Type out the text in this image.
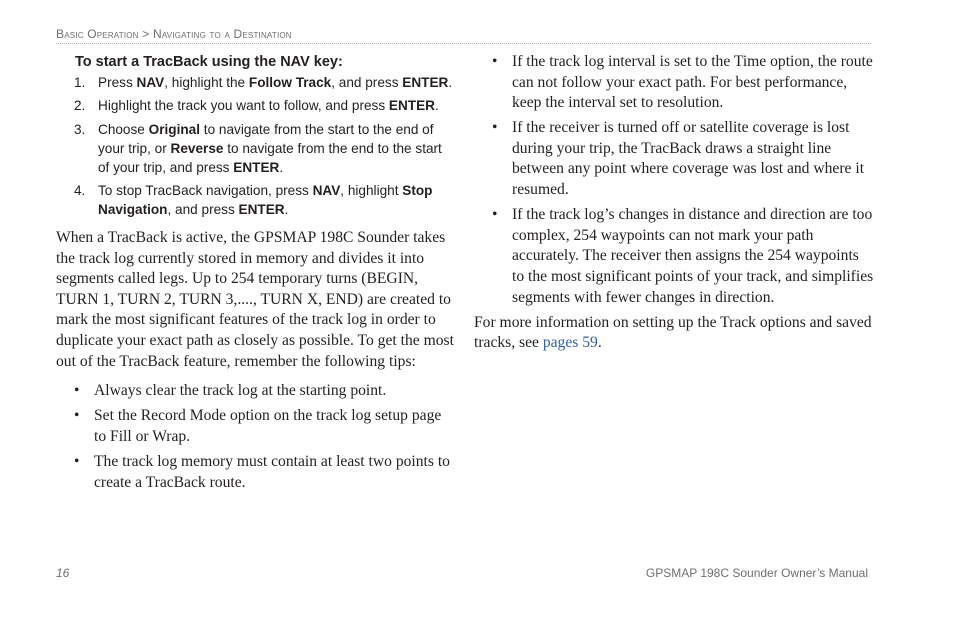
Basic Operation > Navigating to a Destination
To start a TracBack using the NAV key:
1. Press NAV, highlight the Follow Track, and press ENTER.
2. Highlight the track you want to follow, and press ENTER.
3. Choose Original to navigate from the start to the end of your trip, or Reverse to navigate from the end to the start of your trip, and press ENTER.
4. To stop TracBack navigation, press NAV, highlight Stop Navigation, and press ENTER.

When a TracBack is active, the GPSMAP 198C Sounder takes the track log currently stored in memory and divides it into segments called legs. Up to 254 temporary turns (BEGIN, TURN 1, TURN 2, TURN 3,...., TURN X, END) are created to mark the most significant features of the track log in order to duplicate your exact path as closely as possible. To get the most out of the TracBack feature, remember the following tips:

• Always clear the track log at the starting point.
• Set the Record Mode option on the track log setup page to Fill or Wrap.
• The track log memory must contain at least two points to create a TracBack route.
• If the track log interval is set to the Time option, the route can not follow your exact path. For best performance, keep the interval set to resolution.
• If the receiver is turned off or satellite coverage is lost during your trip, the TracBack draws a straight line between any point where coverage was lost and where it resumed.
• If the track log’s changes in distance and direction are too complex, 254 waypoints can not mark your path accurately. The receiver then assigns the 254 waypoints to the most significant points of your track, and simplifies segments with fewer changes in direction.

For more information on setting up the Track options and saved tracks, see pages 59.

16	GPSMAP 198C Sounder Owner’s Manual
